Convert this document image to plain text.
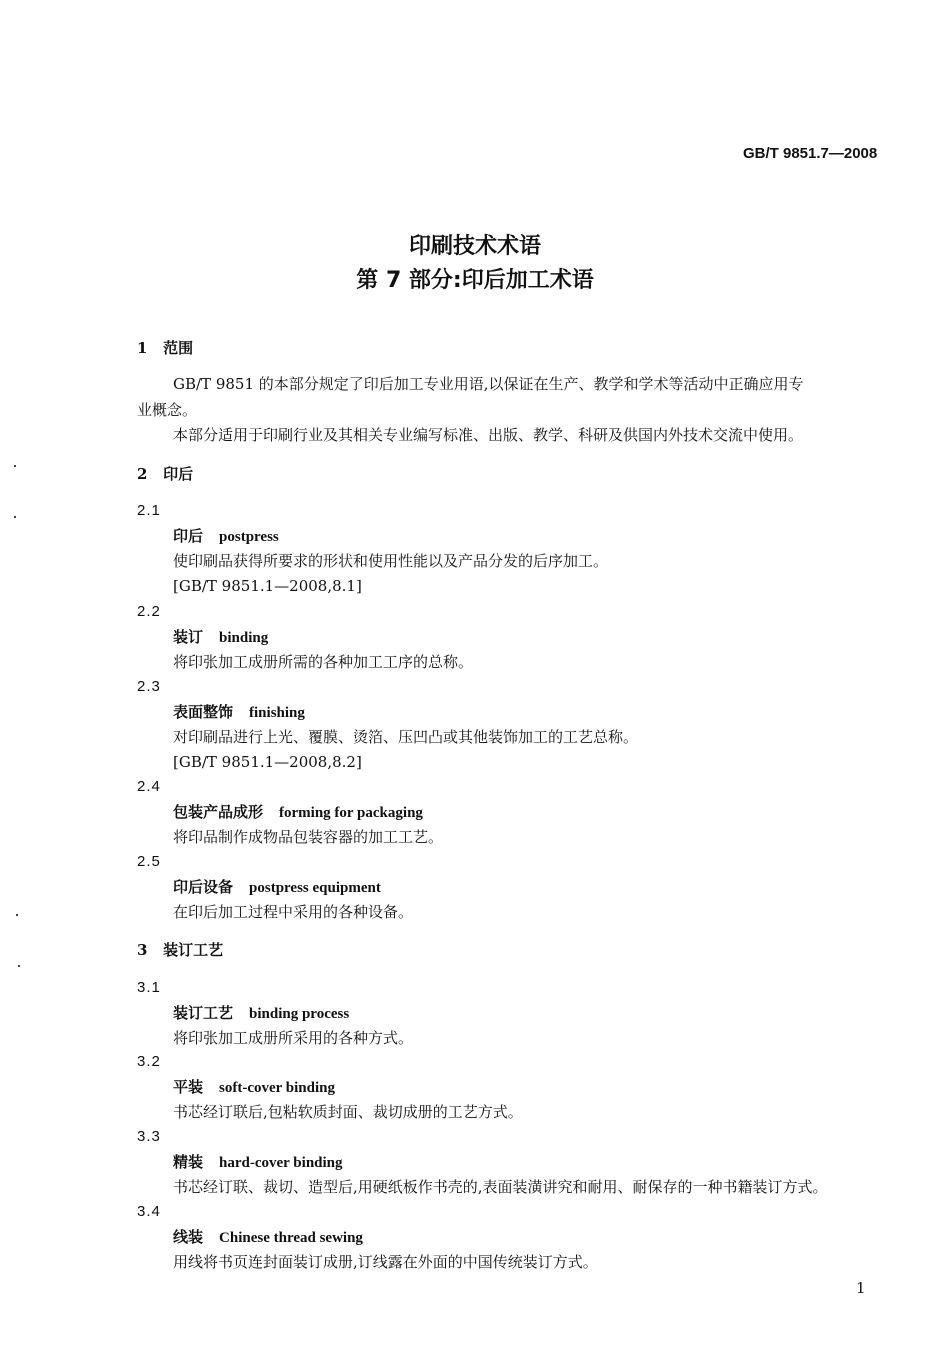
GB/T 9851.7—2008
印刷技术术语
第 7 部分:印后加工术语
1 范围
GB/T 9851 的本部分规定了印后加工专业用语,以保证在生产、教学和学术等活动中正确应用专
业概念。
本部分适用于印刷行业及其相关专业编写标准、出版、教学、科研及供国内外技术交流中使用。
2 印后
3 装订工艺
1
2.1
印后 postpress
使印刷品获得所要求的形状和使用性能以及产品分发的后序加工。
[GB/T 9851.1—2008,8.1]
2.2
装订 binding
将印张加工成册所需的各种加工工序的总称。
2.3
表面整饰 finishing
对印刷品进行上光、覆膜、烫箔、压凹凸或其他装饰加工的工艺总称。
[GB/T 9851.1—2008,8.2]
2.4
包装产品成形 forming for packaging
将印品制作成物品包装容器的加工工艺。
2.5
印后设备 postpress equipment
在印后加工过程中采用的各种设备。
3.1
装订工艺 binding process
将印张加工成册所采用的各种方式。
3.2
平装 soft-cover binding
书芯经订联后,包粘软质封面、裁切成册的工艺方式。
3.3
精装 hard-cover binding
书芯经订联、裁切、造型后,用硬纸板作书壳的,表面装潢讲究和耐用、耐保存的一种书籍装订方式。
3.4
线装 Chinese thread sewing
用线将书页连封面装订成册,订线露在外面的中国传统装订方式。
